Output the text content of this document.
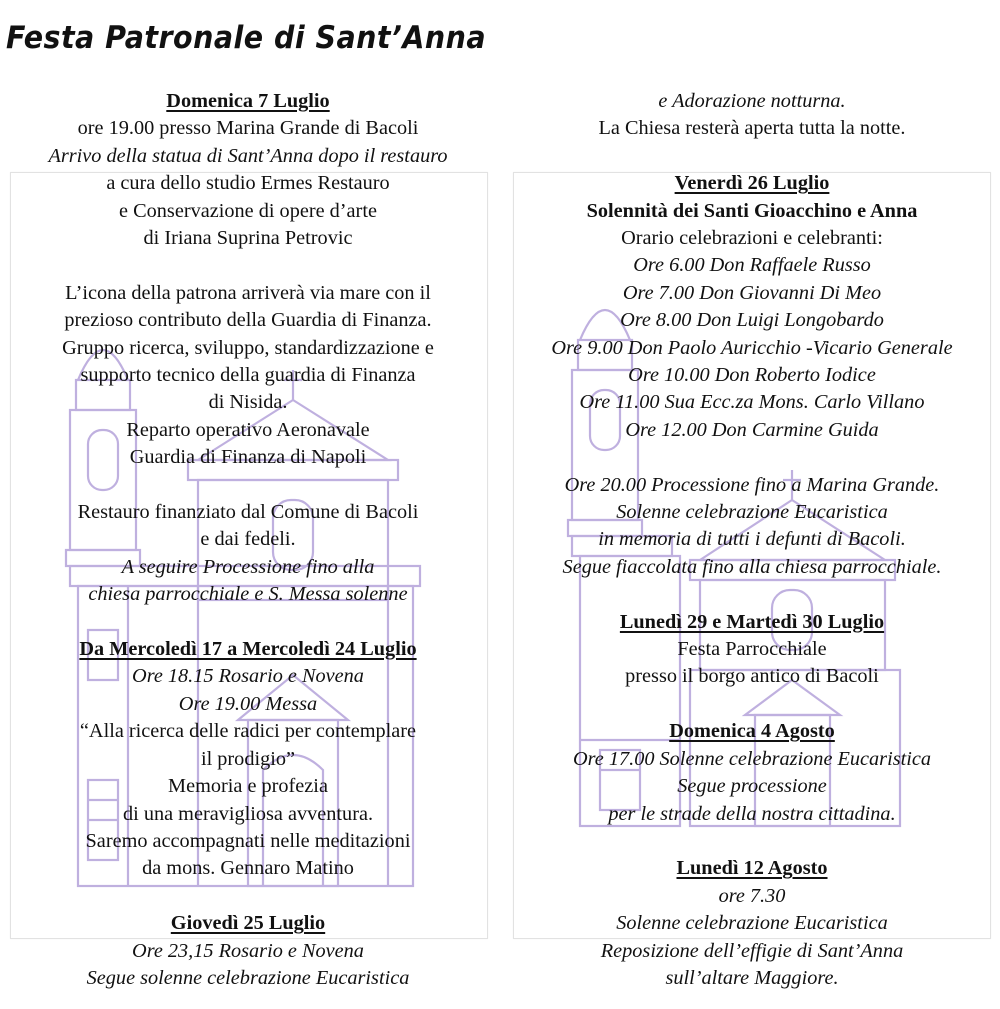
Festa Patronale di Sant’Anna
Domenica 7 Luglio
ore 19.00 presso Marina Grande di Bacoli
Arrivo della statua di Sant’Anna dopo il restauro
a cura dello studio Ermes Restauro
e Conservazione di opere d’arte
di Iriana Suprina Petrovic
L’icona della patrona arriverà via mare con il
prezioso contributo della Guardia di Finanza.
Gruppo ricerca, sviluppo, standardizzazione e
supporto tecnico della guardia di Finanza
di Nisida.
Reparto operativo Aeronavale
Guardia di Finanza di Napoli
Restauro finanziato dal Comune di Bacoli
e dai fedeli.
A seguire Processione fino alla
chiesa parrocchiale e S. Messa solenne
Da Mercoledì 17 a Mercoledì 24 Luglio
Ore 18.15 Rosario e Novena
Ore 19.00 Messa
“Alla ricerca delle radici per contemplare
il prodigio”
Memoria e profezia
di una meravigliosa avventura.
Saremo accompagnati nelle meditazioni
da mons. Gennaro Matino
Giovedì 25 Luglio
Ore 23,15 Rosario e Novena
Segue solenne celebrazione Eucaristica
e Adorazione notturna.
La Chiesa resterà aperta tutta la notte.
Venerdì 26 Luglio
Solennità dei Santi Gioacchino e Anna
Orario celebrazioni e celebranti:
Ore 6.00 Don Raffaele Russo
Ore 7.00 Don Giovanni Di Meo
Ore 8.00 Don Luigi Longobardo
Ore 9.00 Don Paolo Auricchio -Vicario Generale
Ore 10.00 Don Roberto Iodice
Ore 11.00 Sua Ecc.za Mons. Carlo Villano
Ore 12.00 Don Carmine Guida
Ore 20.00 Processione fino a Marina Grande.
Solenne celebrazione Eucaristica
in memoria di tutti i defunti di Bacoli.
Segue fiaccolata fino alla chiesa parrocchiale.
Lunedì 29 e Martedì 30 Luglio
Festa Parrocchiale
presso il borgo antico di Bacoli
Domenica 4 Agosto
Ore 17.00 Solenne celebrazione Eucaristica
Segue processione
per le strade della nostra cittadina.
Lunedì 12 Agosto
ore 7.30
Solenne celebrazione Eucaristica
Reposizione dell’effigie di Sant’Anna
sull’altare Maggiore.
